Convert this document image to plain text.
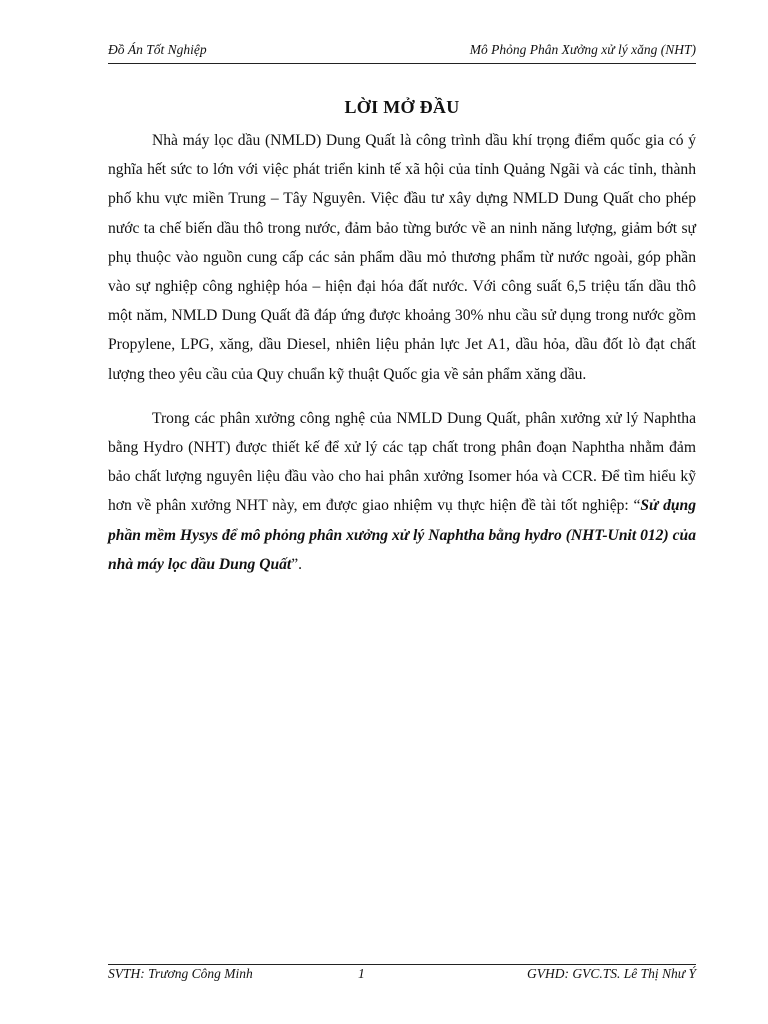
Đồ Án Tốt Nghiệp	Mô Phỏng Phân Xưởng xử lý xăng (NHT)
LỜI MỞ ĐẦU

Nhà máy lọc dầu (NMLD) Dung Quất là công trình dầu khí trọng điểm quốc gia có ý nghĩa hết sức to lớn với việc phát triển kinh tế xã hội của tỉnh Quảng Ngãi và các tỉnh, thành phố khu vực miền Trung – Tây Nguyên. Việc đầu tư xây dựng NMLD Dung Quất cho phép nước ta chế biến dầu thô trong nước, đảm bảo từng bước về an ninh năng lượng, giảm bớt sự phụ thuộc vào nguồn cung cấp các sản phẩm dầu mỏ thương phẩm từ nước ngoài, góp phần vào sự nghiệp công nghiệp hóa – hiện đại hóa đất nước. Với công suất 6,5 triệu tấn dầu thô một năm, NMLD Dung Quất đã đáp ứng được khoảng 30% nhu cầu sử dụng trong nước gồm Propylene, LPG, xăng, dầu Diesel, nhiên liệu phản lực Jet A1, dầu hỏa, dầu đốt lò đạt chất lượng theo yêu cầu của Quy chuẩn kỹ thuật Quốc gia về sản phẩm xăng dầu.

Trong các phân xưởng công nghệ của NMLD Dung Quất, phân xưởng xử lý Naphtha bằng Hydro (NHT) được thiết kế để xử lý các tạp chất trong phân đoạn Naphtha nhằm đảm bảo chất lượng nguyên liệu đầu vào cho hai phân xưởng Isomer hóa và CCR. Để tìm hiểu kỹ hơn về phân xưởng NHT này, em được giao nhiệm vụ thực hiện đề tài tốt nghiệp: “Sử dụng phần mềm Hysys để mô phỏng phân xưởng xử lý Naphtha bằng hydro (NHT-Unit 012) của nhà máy lọc dầu Dung Quất”.

SVTH: Trương Công Minh	1	GVHD: GVC.TS. Lê Thị Như Ý
